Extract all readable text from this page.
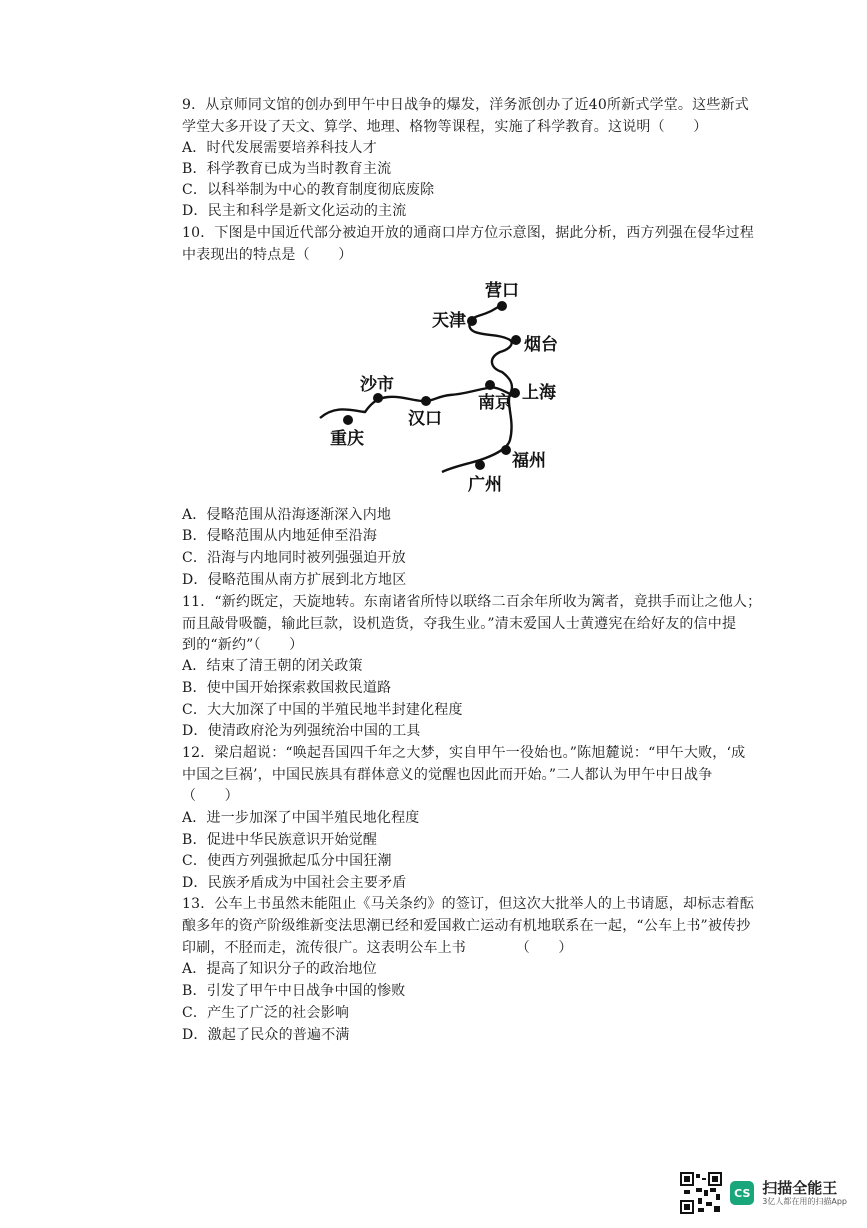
9．从京师同文馆的创办到甲午中日战争的爆发，洋务派创办了近40所新式学堂。这些新式
学堂大多开设了天文、算学、地理、格物等课程，实施了科学教育。这说明（　　）
A．时代发展需要培养科技人才
B．科学教育已成为当时教育主流
C．以科举制为中心的教育制度彻底废除
D．民主和科学是新文化运动的主流
10．下图是中国近代部分被迫开放的通商口岸方位示意图，据此分析，西方列强在侵华过程
中表现出的特点是（　　）
营口
天津
烟台
沙市
汉口
南京 上海
重庆
福州
广州
A．侵略范围从沿海逐渐深入内地
B．侵略范围从内地延伸至沿海
C．沿海与内地同时被列强强迫开放
D．侵略范围从南方扩展到北方地区
11．“新约既定，天旋地转。东南诸省所恃以联络二百余年所收为篱者，竟拱手而让之他人；
而且敲骨吸髓，输此巨款，设机造货，夺我生业。”清末爱国人士黄遵宪在给好友的信中提
到的“新约”（　　）
A．结束了清王朝的闭关政策
B．使中国开始探索救国救民道路
C．大大加深了中国的半殖民地半封建化程度
D．使清政府沦为列强统治中国的工具
12．梁启超说：“唤起吾国四千年之大梦，实自甲午一役始也。”陈旭麓说：“甲午大败，‘成
中国之巨祸’，中国民族具有群体意义的觉醒也因此而开始。”二人都认为甲午中日战争
（　　）
A．进一步加深了中国半殖民地化程度
B．促进中华民族意识开始觉醒
C．使西方列强掀起瓜分中国狂潮
D．民族矛盾成为中国社会主要矛盾
13．公车上书虽然未能阻止《马关条约》的签订，但这次大批举人的上书请愿，却标志着酝
酿多年的资产阶级维新变法思潮已经和爱国救亡运动有机地联系在一起，“公车上书”被传抄
印刷，不胫而走，流传很广。这表明公车上书　　　　（　　）
A．提高了知识分子的政治地位
B．引发了甲午中日战争中国的惨败
C．产生了广泛的社会影响
D．激起了民众的普遍不满
CS 扫描全能王
3亿人都在用的扫描App
